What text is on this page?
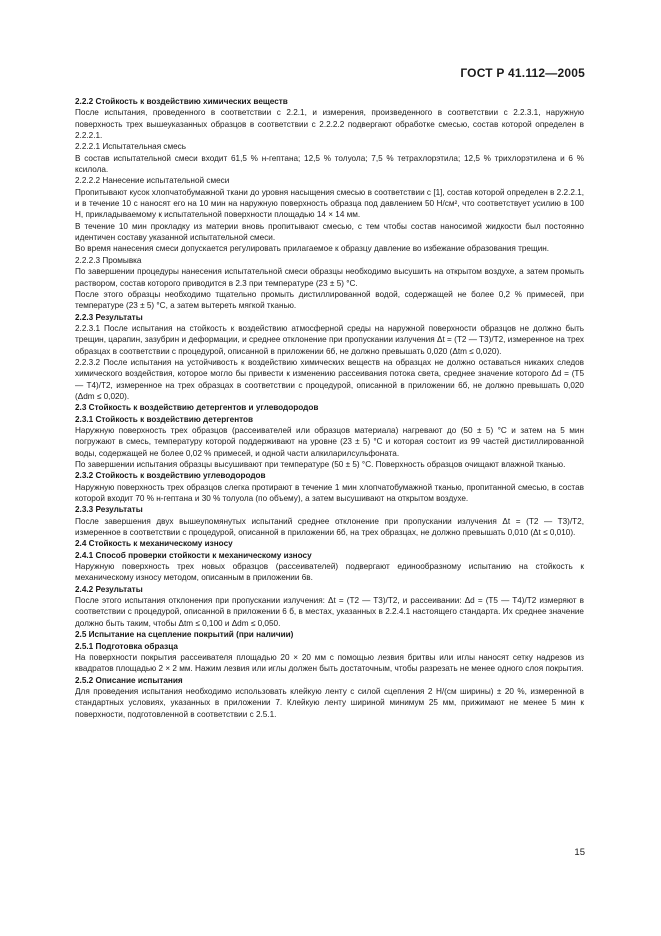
ГОСТ Р 41.112—2005

2.2.2 Стойкость к воздействию химических веществ

После испытания, проведенного в соответствии с 2.2.1, и измерения, произведенного в соответствии с 2.2.3.1, наружную поверхность трех вышеуказанных образцов в соответствии с 2.2.2.2 подвергают обработке смесью, состав которой определен в 2.2.2.1.

2.2.2.1 Испытательная смесь

В состав испытательной смеси входит 61,5 % н-гептана; 12,5 % толуола; 7,5 % тетрахлорэтила; 12,5 % трихлорэтилена и 6 % ксилола.

2.2.2.2 Нанесение испытательной смеси

Пропитывают кусок хлопчатобумажной ткани до уровня насыщения смесью в соответствии с [1], состав которой определен в 2.2.2.1, и в течение 10 с наносят его на 10 мин на наружную поверхность образца под давлением 50 Н/см², что соответствует усилию в 100 Н, прикладываемому к испытательной поверхности площадью 14 × 14 мм.

В течение 10 мин прокладку из материи вновь пропитывают смесью, с тем чтобы состав наносимой жидкости был постоянно идентичен составу указанной испытательной смеси.

Во время нанесения смеси допускается регулировать прилагаемое к образцу давление во избежание образования трещин.

2.2.2.3 Промывка

По завершении процедуры нанесения испытательной смеси образцы необходимо высушить на открытом воздухе, а затем промыть раствором, состав которого приводится в 2.3 при температуре (23 ± 5) °С.

После этого образцы необходимо тщательно промыть дистиллированной водой, содержащей не более 0,2 % примесей, при температуре (23 ± 5) °С, а затем вытереть мягкой тканью.

2.2.3 Результаты

2.2.3.1 После испытания на стойкость к воздействию атмосферной среды на наружной поверхности образцов не должно быть трещин, царапин, зазубрин и деформации, и среднее отклонение при пропускании излучения Δt = (T2 — T3)/T2, измеренное на трех образцах в соответствии с процедурой, описанной в приложении 6б, не должно превышать 0,020 (Δtm ≤ 0,020).

2.2.3.2 После испытания на устойчивость к воздействию химических веществ на образцах не должно оставаться никаких следов химического воздействия, которое могло бы привести к изменению рассеивания потока света, среднее значение которого Δd = (T5 — T4)/T2, измеренное на трех образцах в соответствии с процедурой, описанной в приложении 6б, не должно превышать 0,020 (Δdm ≤ 0,020).

2.3 Стойкость к воздействию детергентов и углеводородов

2.3.1 Стойкость к воздействию детергентов

Наружную поверхность трех образцов (рассеивателей или образцов материала) нагревают до (50 ± 5) °С и затем на 5 мин погружают в смесь, температуру которой поддерживают на уровне (23 ± 5) °С и которая состоит из 99 частей дистиллированной воды, содержащей не более 0,02 % примесей, и одной части алкиларилсульфоната.

По завершении испытания образцы высушивают при температуре (50 ± 5) °С. Поверхность образцов очищают влажной тканью.

2.3.2 Стойкость к воздействию углеводородов

Наружную поверхность трех образцов слегка протирают в течение 1 мин хлопчатобумажной тканью, пропитанной смесью, в состав которой входит 70 % н-гептана и 30 % толуола (по объему), а затем высушивают на открытом воздухе.

2.3.3 Результаты

После завершения двух вышеупомянутых испытаний среднее отклонение при пропускании излучения Δt = (T2 — T3)/T2, измеренное в соответствии с процедурой, описанной в приложении 6б, на трех образцах, не должно превышать 0,010 (Δt ≤ 0,010).

2.4 Стойкость к механическому износу

2.4.1 Способ проверки стойкости к механическому износу

Наружную поверхность трех новых образцов (рассеивателей) подвергают единообразному испытанию на стойкость к механическому износу методом, описанным в приложении 6в.

2.4.2 Результаты

После этого испытания отклонения при пропускании излучения: Δt = (T2 — T3)/T2, и рассеивании: Δd = (T5 — T4)/T2 измеряют в соответствии с процедурой, описанной в приложении 6 б, в местах, указанных в 2.2.4.1 настоящего стандарта. Их среднее значение должно быть таким, чтобы Δtm ≤ 0,100 и Δdm ≤ 0,050.

2.5 Испытание на сцепление покрытий (при наличии)

2.5.1 Подготовка образца

На поверхности покрытия рассеивателя площадью 20 × 20 мм с помощью лезвия бритвы или иглы наносят сетку надрезов из квадратов площадью 2 × 2 мм. Нажим лезвия или иглы должен быть достаточным, чтобы разрезать не менее одного слоя покрытия.

2.5.2 Описание испытания

Для проведения испытания необходимо использовать клейкую ленту с силой сцепления 2 Н/(см ширины) ± 20 %, измеренной в стандартных условиях, указанных в приложении 7. Клейкую ленту шириной минимум 25 мм, прижимают не менее 5 мин к поверхности, подготовленной в соответствии с 2.5.1.

15
